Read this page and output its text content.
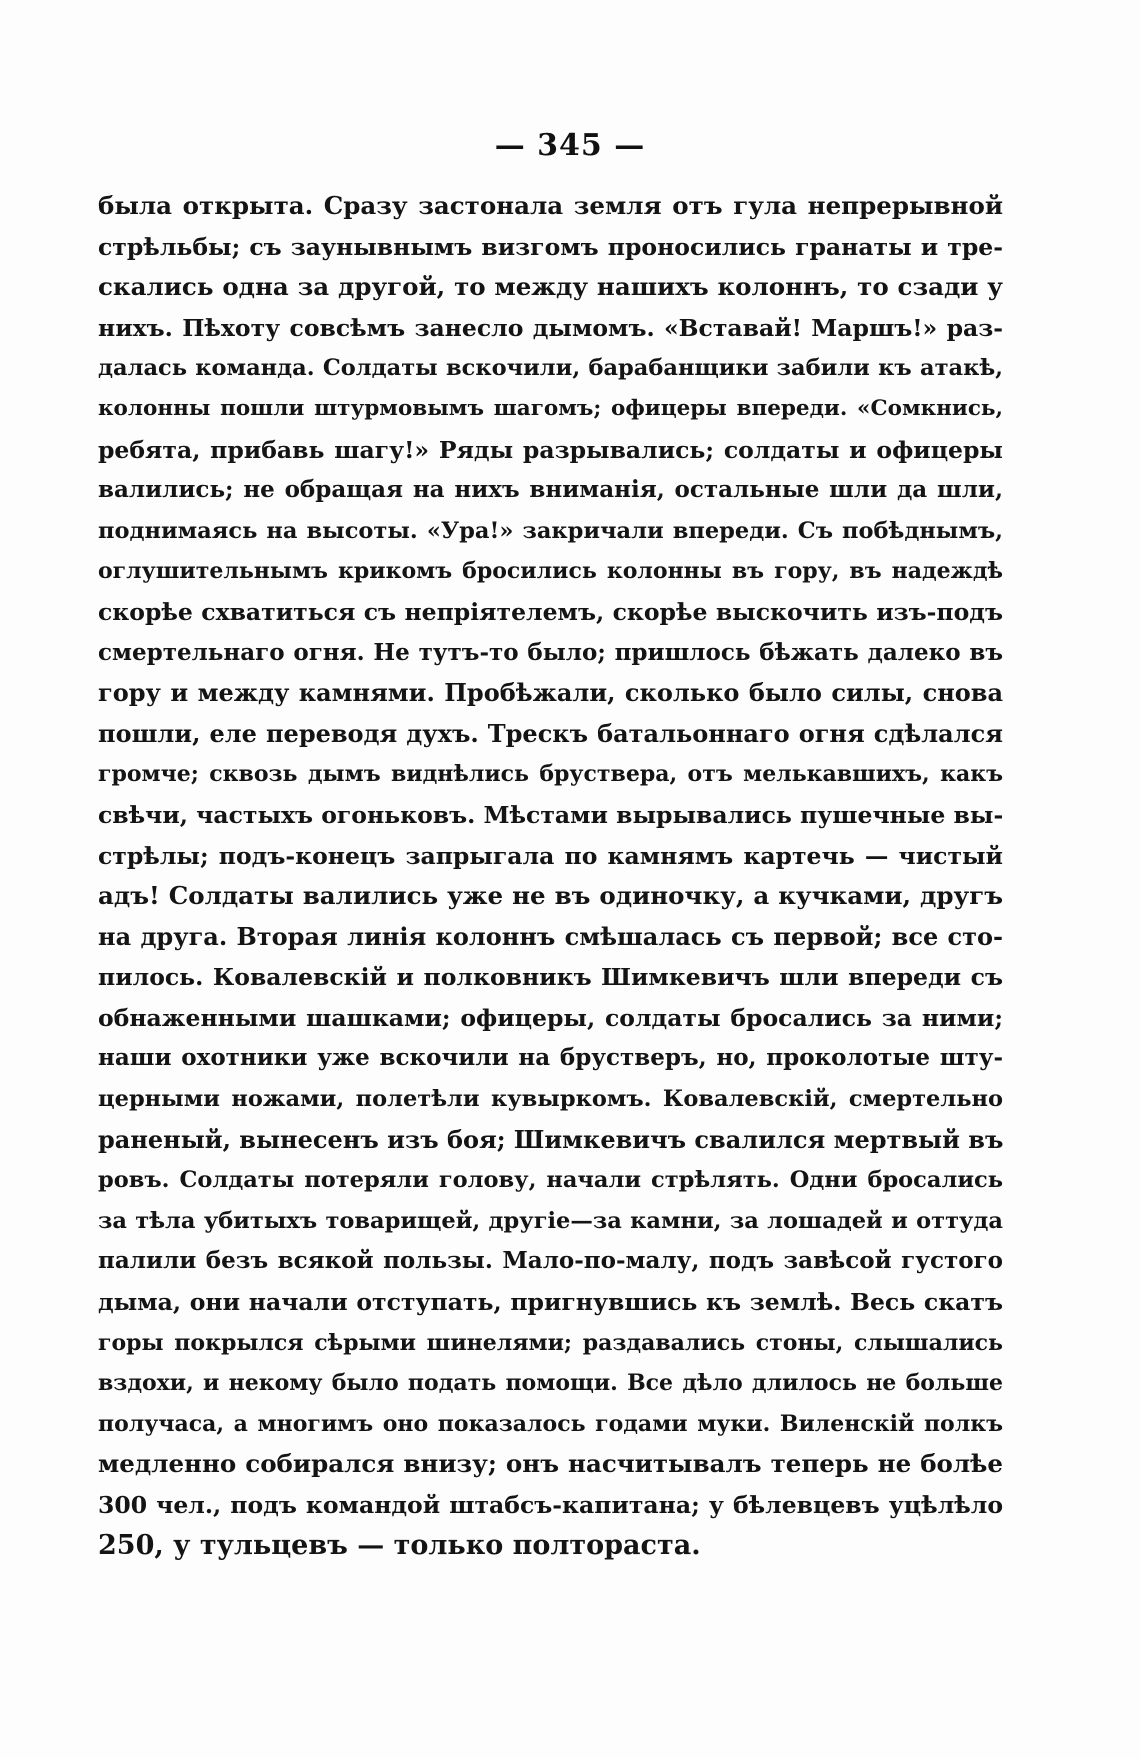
— 345 —
была открыта. Сразу застонала земля отъ гула непрерывной
стрѣльбы; съ заунывнымъ визгомъ проносились гранаты и тре-
скались одна за другой, то между нашихъ колоннъ, то сзади у
нихъ. Пѣхоту совсѣмъ занесло дымомъ. «Вставай! Маршъ!» раз-
далась команда. Солдаты вскочили, барабанщики забили къ атакѣ,
колонны пошли штурмовымъ шагомъ; офицеры впереди. «Сомкнись,
ребята, прибавь шагу!» Ряды разрывались; солдаты и офицеры
валились; не обращая на нихъ вниманія, остальные шли да шли,
поднимаясь на высоты. «Ура!» закричали впереди. Съ побѣднымъ,
оглушительнымъ крикомъ бросились колонны въ гору, въ надеждѣ
скорѣе схватиться съ непріятелемъ, скорѣе выскочить изъ-подъ
смертельнаго огня. Не тутъ-то было; пришлось бѣжать далеко въ
гору и между камнями. Пробѣжали, сколько было силы, снова
пошли, еле переводя духъ. Трескъ батальоннаго огня сдѣлался
громче; сквозь дымъ виднѣлись бруствера, отъ мелькавшихъ, какъ
свѣчи, частыхъ огоньковъ. Мѣстами вырывались пушечные вы-
стрѣлы; подъ-конецъ запрыгала по камнямъ картечь — чистый
адъ! Солдаты валились уже не въ одиночку, а кучками, другъ
на друга. Вторая линія колоннъ смѣшалась съ первой; все сто-
пилось. Ковалевскій и полковникъ Шимкевичъ шли впереди съ
обнаженными шашками; офицеры, солдаты бросались за ними;
наши охотники уже вскочили на брустверъ, но, проколотые шту-
церными ножами, полетѣли кувыркомъ. Ковалевскій, смертельно
раненый, вынесенъ изъ боя; Шимкевичъ свалился мертвый въ
ровъ. Солдаты потеряли голову, начали стрѣлять. Одни бросались
за тѣла убитыхъ товарищей, другіе—за камни, за лошадей и оттуда
палили безъ всякой пользы. Мало-по-малу, подъ завѣсой густого
дыма, они начали отступать, пригнувшись къ землѣ. Весь скатъ
горы покрылся сѣрыми шинелями; раздавались стоны, слышались
вздохи, и некому было подать помощи. Все дѣло длилось не больше
получаса, а многимъ оно показалось годами муки. Виленскій полкъ
медленно собирался внизу; онъ насчитывалъ теперь не болѣе
300 чел., подъ командой штабсъ-капитана; у бѣлевцевъ уцѣлѣло
250, у тульцевъ — только полтораста.
